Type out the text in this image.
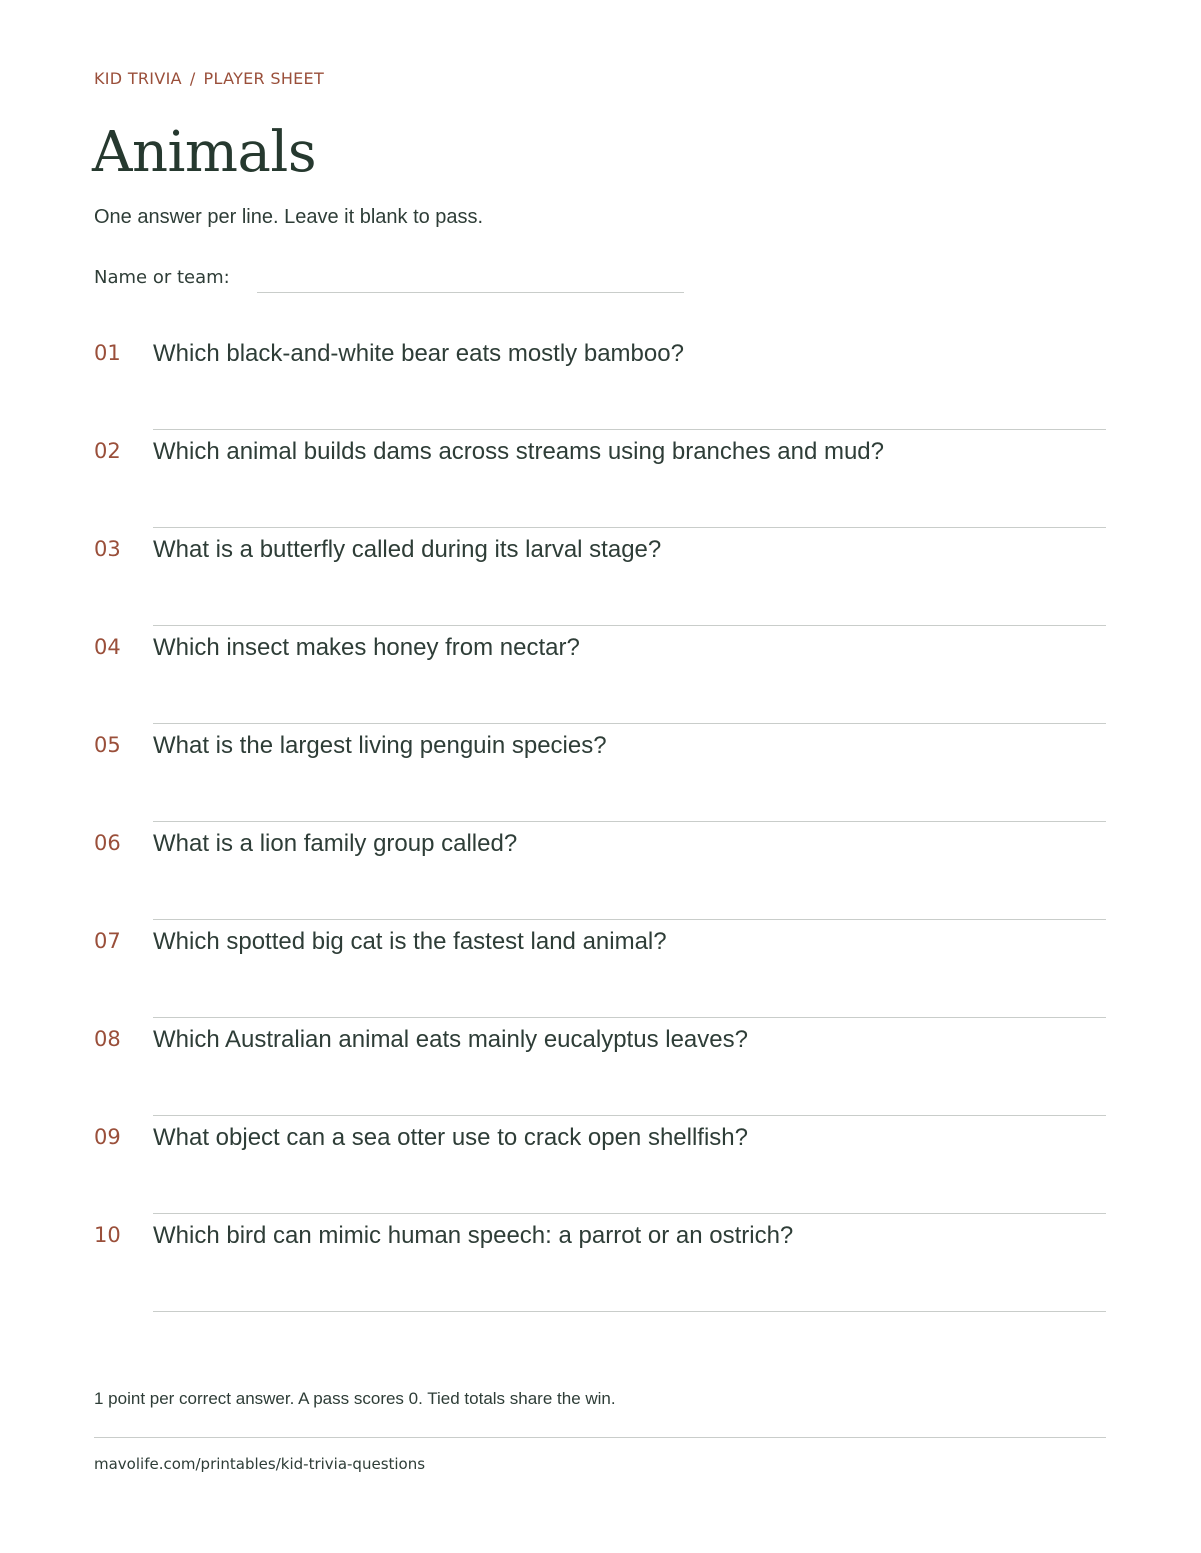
KID TRIVIA / PLAYER SHEET
Animals
One answer per line. Leave it blank to pass.
Name or team:
01 Which black-and-white bear eats mostly bamboo?
02 Which animal builds dams across streams using branches and mud?
03 What is a butterfly called during its larval stage?
04 Which insect makes honey from nectar?
05 What is the largest living penguin species?
06 What is a lion family group called?
07 Which spotted big cat is the fastest land animal?
08 Which Australian animal eats mainly eucalyptus leaves?
09 What object can a sea otter use to crack open shellfish?
10 Which bird can mimic human speech: a parrot or an ostrich?
1 point per correct answer. A pass scores 0. Tied totals share the win.
mavolife.com/printables/kid-trivia-questions
